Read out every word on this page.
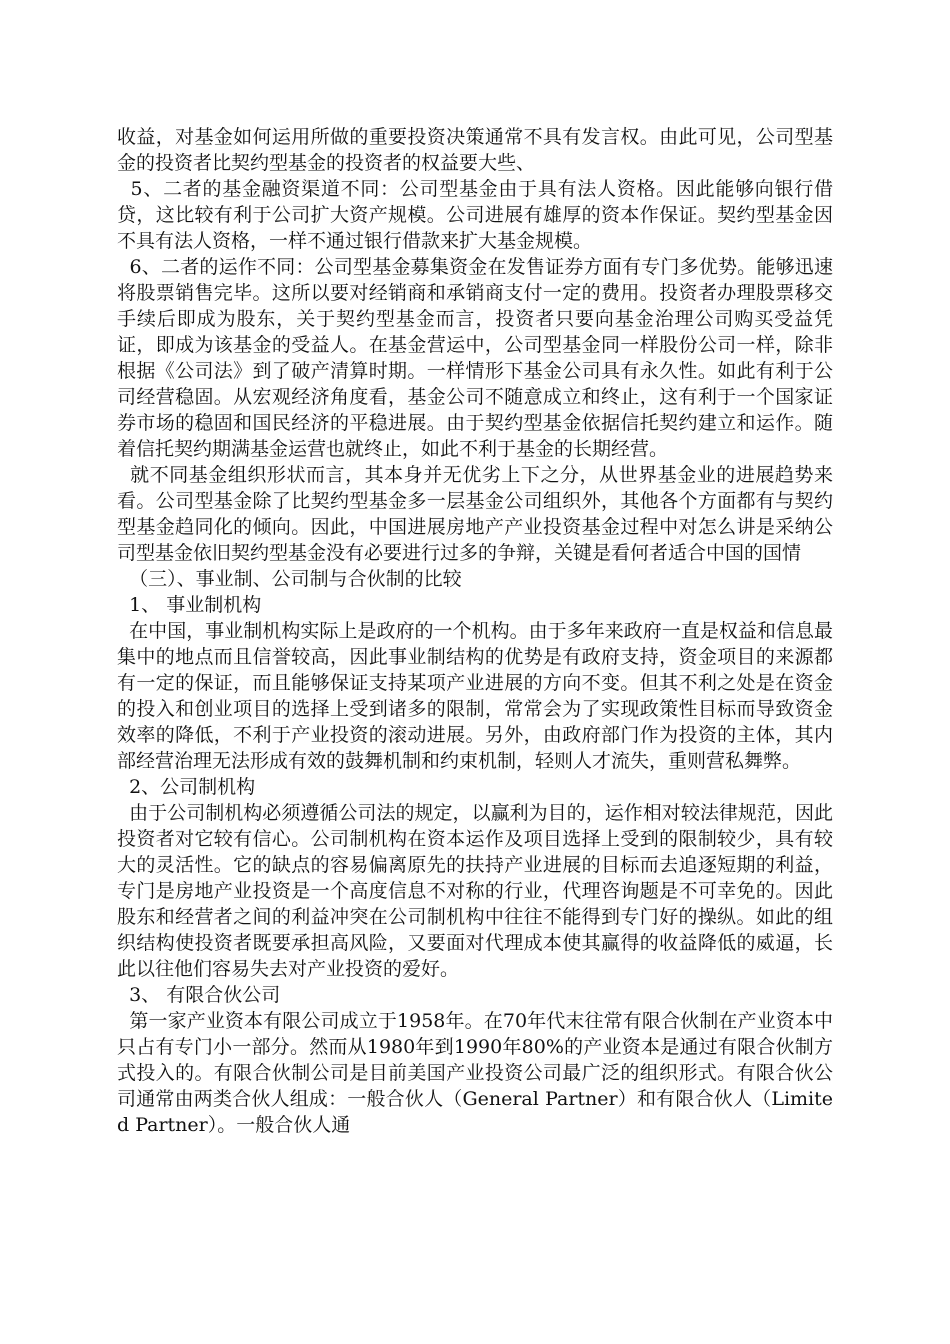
收益，对基金如何运用所做的重要投资决策通常不具有发言权。由此可见，公司型基金的投资者比契约型基金的投资者的权益要大些、

5、二者的基金融资渠道不同：公司型基金由于具有法人资格。因此能够向银行借贷，这比较有利于公司扩大资产规模。公司进展有雄厚的资本作保证。契约型基金因不具有法人资格，一样不通过银行借款来扩大基金规模。

6、二者的运作不同：公司型基金募集资金在发售证券方面有专门多优势。能够迅速将股票销售完毕。这所以要对经销商和承销商支付一定的费用。投资者办理股票移交手续后即成为股东，关于契约型基金而言，投资者只要向基金治理公司购买受益凭证，即成为该基金的受益人。在基金营运中，公司型基金同一样股份公司一样，除非根据《公司法》到了破产清算时期。一样情形下基金公司具有永久性。如此有利于公司经营稳固。从宏观经济角度看，基金公司不随意成立和终止，这有利于一个国家证券市场的稳固和国民经济的平稳进展。由于契约型基金依据信托契约建立和运作。随着信托契约期满基金运营也就终止，如此不利于基金的长期经营。

就不同基金组织形状而言，其本身并无优劣上下之分，从世界基金业的进展趋势来看。公司型基金除了比契约型基金多一层基金公司组织外，其他各个方面都有与契约型基金趋同化的倾向。因此，中国进展房地产产业投资基金过程中对怎么讲是采纳公司型基金依旧契约型基金没有必要进行过多的争辩，关键是看何者适合中国的国情

（三）、事业制、公司制与合伙制的比较

1、 事业制机构

在中国，事业制机构实际上是政府的一个机构。由于多年来政府一直是权益和信息最集中的地点而且信誉较高，因此事业制结构的优势是有政府支持，资金项目的来源都有一定的保证，而且能够保证支持某项产业进展的方向不变。但其不利之处是在资金的投入和创业项目的选择上受到诸多的限制，常常会为了实现政策性目标而导致资金效率的降低，不利于产业投资的滚动进展。另外，由政府部门作为投资的主体，其内部经营治理无法形成有效的鼓舞机制和约束机制，轻则人才流失，重则营私舞弊。

2、公司制机构

由于公司制机构必须遵循公司法的规定，以赢利为目的，运作相对较法律规范，因此投资者对它较有信心。公司制机构在资本运作及项目选择上受到的限制较少，具有较大的灵活性。它的缺点的容易偏离原先的扶持产业进展的目标而去追逐短期的利益，专门是房地产业投资是一个高度信息不对称的行业，代理咨询题是不可幸免的。因此股东和经营者之间的利益冲突在公司制机构中往往不能得到专门好的操纵。如此的组织结构使投资者既要承担高风险，又要面对代理成本使其赢得的收益降低的威逼，长此以往他们容易失去对产业投资的爱好。

3、 有限合伙公司

第一家产业资本有限公司成立于1958年。在70年代末往常有限合伙制在产业资本中只占有专门小一部分。然而从1980年到1990年80%的产业资本是通过有限合伙制方式投入的。有限合伙制公司是目前美国产业投资公司最广泛的组织形式。有限合伙公司通常由两类合伙人组成：一般合伙人（General Partner）和有限合伙人（Limited Partner）。一般合伙人通
